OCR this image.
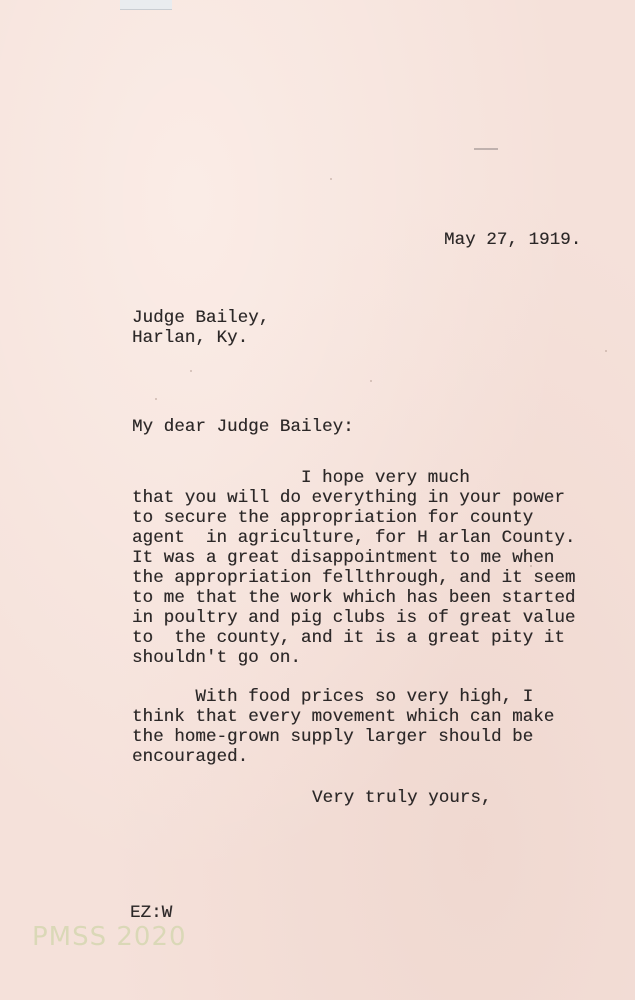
May 27, 1919.
Judge Bailey,
Harlan, Ky.
My dear Judge Bailey:
I hope very much
that you will do everything in your power
to secure the appropriation for county
agent  in agriculture, for H arlan County.
It was a great disappointment to me when
the appropriation fellthrough, and it seem
to me that the work which has been started
in poultry and pig clubs is of great value
to  the county, and it is a great pity it
shouldn't go on.
With food prices so very high, I
think that every movement which can make
the home-grown supply larger should be
encouraged.
Very truly yours,
EZ:W
PMSS 2020
